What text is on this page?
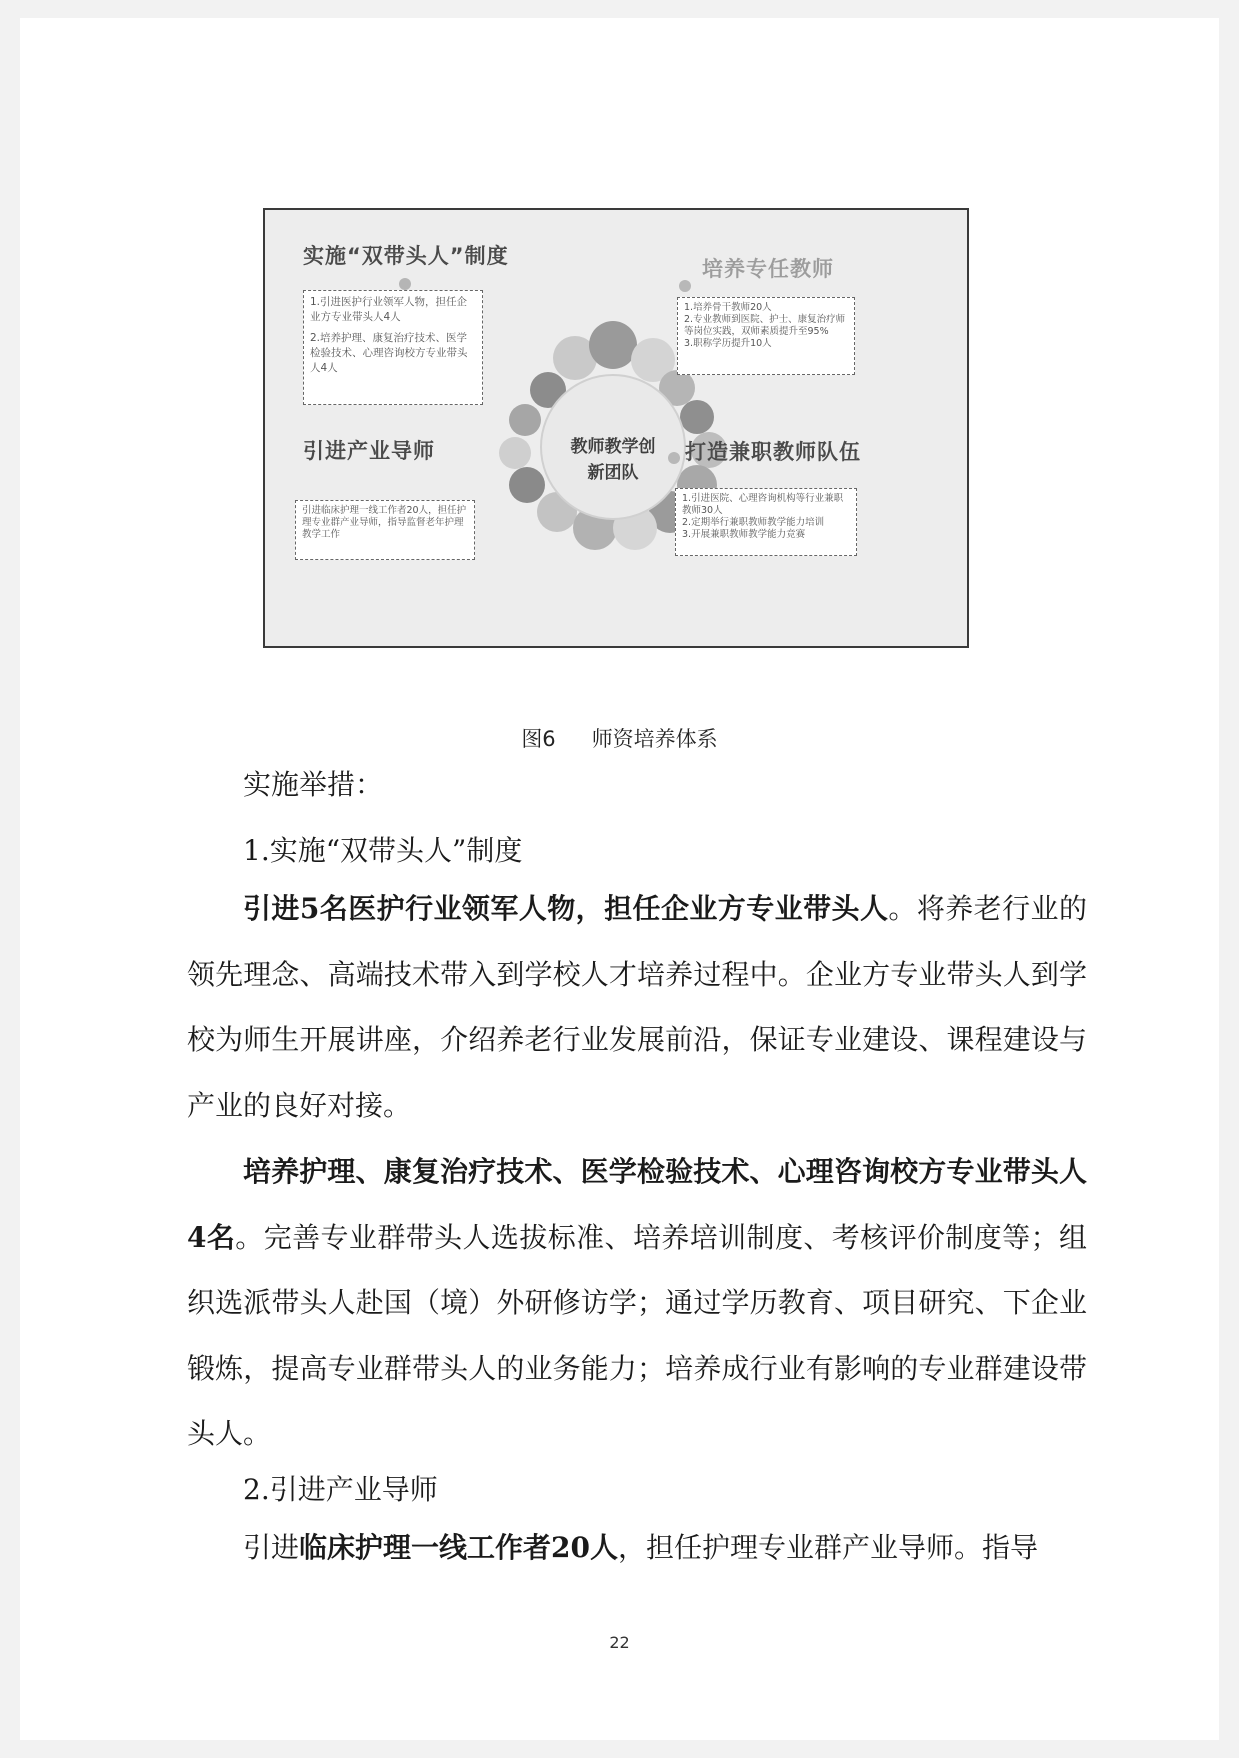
教师教学创
新团队
实施“双带头人”制度
1.引进医护行业领军人物，担任企业方专业带头人4人
2.培养护理、康复治疗技术、医学检验技术、心理咨询校方专业带头人4人
培养专任教师
1.培养骨干教师20人
2.专业教师到医院、护士、康复治疗师等岗位实践，双师素质提升至95%
3.职称学历提升10人
引进产业导师
引进临床护理一线工作者20人，担任护理专业群产业导师，指导监督老年护理教学工作
打造兼职教师队伍
1.引进医院、心理咨询机构等行业兼职教师30人
2.定期举行兼职教师教学能力培训
3.开展兼职教师教学能力竞赛
图6 师资培养体系
实施举措：
1.实施“双带头人”制度
引进5名医护行业领军人物，担任企业方专业带头人。将养老行业的领先理念、高端技术带入到学校人才培养过程中。企业方专业带头人到学校为师生开展讲座，介绍养老行业发展前沿，保证专业建设、课程建设与产业的良好对接。
培养护理、康复治疗技术、医学检验技术、心理咨询校方专业带头人4名。完善专业群带头人选拔标准、培养培训制度、考核评价制度等；组织选派带头人赴国（境）外研修访学；通过学历教育、项目研究、下企业锻炼，提高专业群带头人的业务能力；培养成行业有影响的专业群建设带头人。
2.引进产业导师
引进临床护理一线工作者20人，担任护理专业群产业导师。指导
22
